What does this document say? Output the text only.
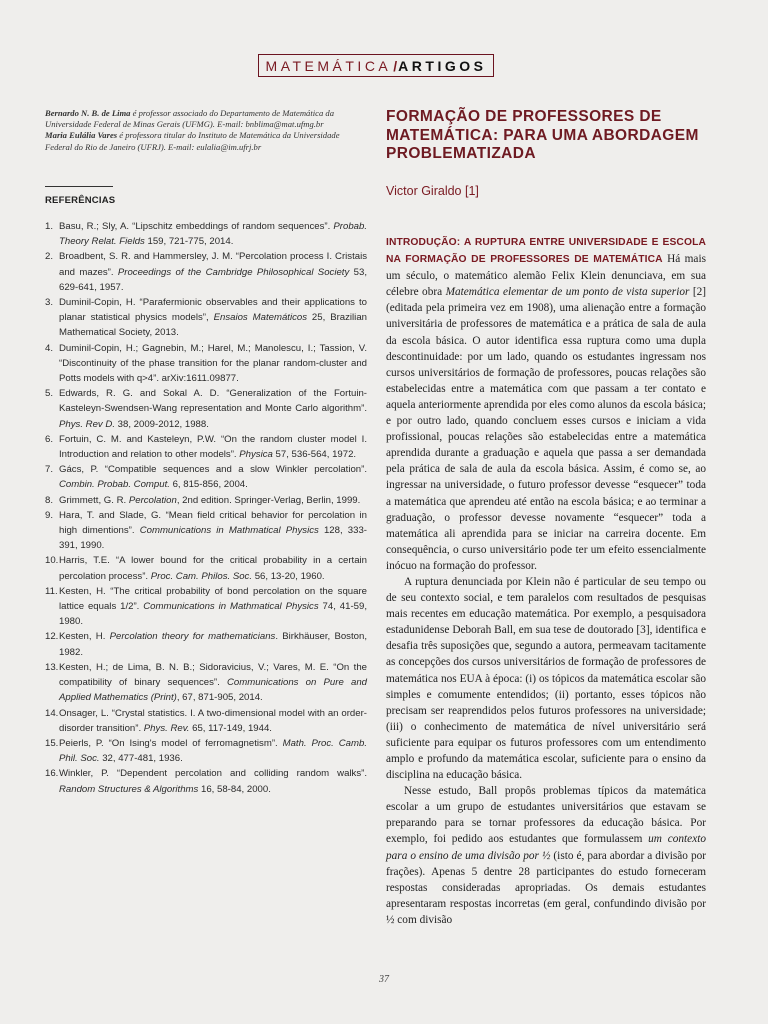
MATEMÁTICA / ARTIGOS

Bernardo N. B. de Lima é professor associado do Departamento de Matemática da Universidade Federal de Minas Gerais (UFMG). E-mail: bnblima@mat.ufmg.br

Maria Eulália Vares é professora titular do Instituto de Matemática da Universidade Federal do Rio de Janeiro (UFRJ). E-mail: eulalia@im.ufrj.br

REFERÊNCIAS
1. Basu, R.; Sly, A. “Lipschitz embeddings of random sequences”. Probab. Theory Relat. Fields 159, 721-775, 2014.
2. Broadbent, S. R. and Hammersley, J. M. “Percolation process I. Cristais and mazes”. Proceedings of the Cambridge Philosophical Society 53, 629-641, 1957.
3. Duminil-Copin, H. “Parafermionic observables and their applications to planar statistical physics models”, Ensaios Matemáticos 25, Brazilian Mathematical Society, 2013.
4. Duminil-Copin, H.; Gagnebin, M.; Harel, M.; Manolescu, I.; Tassion, V. “Discontinuity of the phase transition for the planar random-cluster and Potts models with q>4”. arXiv:1611.09877.
5. Edwards, R. G. and Sokal A. D. “Generalization of the Fortuin-Kasteleyn-Swendsen-Wang representation and Monte Carlo algorithm”. Phys. Rev D. 38, 2009-2012, 1988.
6. Fortuin, C. M. and Kasteleyn, P.W. “On the random cluster model I. Introduction and relation to other models”. Physica 57, 536-564, 1972.
7. Gács, P. “Compatible sequences and a slow Winkler percolation”. Combin. Probab. Comput. 6, 815-856, 2004.
8. Grimmett, G. R. Percolation, 2nd edition. Springer-Verlag, Berlin, 1999.
9. Hara, T. and Slade, G. “Mean field critical behavior for percolation in high dimentions”. Communications in Mathmatical Physics 128, 333-391, 1990.
10. Harris, T.E. “A lower bound for the critical probability in a certain percolation process”. Proc. Cam. Philos. Soc. 56, 13-20, 1960.
11. Kesten, H. “The critical probability of bond percolation on the square lattice equals 1/2”. Communications in Mathmatical Physics 74, 41-59, 1980.
12. Kesten, H. Percolation theory for mathematicians. Birkhäuser, Boston, 1982.
13. Kesten, H.; de Lima, B. N. B.; Sidoravicius, V.; Vares, M. E. “On the compatibility of binary sequences”. Communications on Pure and Applied Mathematics (Print), 67, 871-905, 2014.
14. Onsager, L. “Crystal statistics. I. A two-dimensional model with an order-disorder transition”. Phys. Rev. 65, 117-149, 1944.
15. Peierls, P. “On Ising's model of ferromagnetism”. Math. Proc. Camb. Phil. Soc. 32, 477-481, 1936.
16. Winkler, P. “Dependent percolation and colliding random walks”. Random Structures & Algorithms 16, 58-84, 2000.
FORMAÇÃO DE PROFESSORES DE MATEMÁTICA: PARA UMA ABORDAGEM PROBLEMATIZADA
Victor Giraldo [1]

INTRODUÇÃO: A RUPTURA ENTRE UNIVERSIDADE E ESCOLA NA FORMAÇÃO DE PROFESSORES DE MATEMÁTICA Há mais um século, o matemático alemão Felix Klein denunciava, em sua célebre obra Matemática elementar de um ponto de vista superior [2] (editada pela primeira vez em 1908), uma alienação entre a formação universitária de professores de matemática e a prática de sala de aula da escola básica. O autor identifica essa ruptura como uma dupla descontinuidade: por um lado, quando os estudantes ingressam nos cursos universitários de formação de professores, poucas relações são estabelecidas entre a matemática com que passam a ter contato e aquela anteriormente aprendida por eles como alunos da escola básica; e por outro lado, quando concluem esses cursos e iniciam a vida profissional, poucas relações são estabelecidas entre a matemática aprendida durante a graduação e aquela que passa a ser demandada pela prática de sala de aula da escola básica. Assim, é como se, ao ingressar na universidade, o futuro professor devesse “esquecer” toda a matemática que aprendeu até então na escola básica; e ao terminar a graduação, o professor devesse novamente “esquecer” toda a matemática ali aprendida para se iniciar na carreira docente. Em consequência, o curso universitário pode ter um efeito essencialmente inócuo na formação do professor.

A ruptura denunciada por Klein não é particular de seu tempo ou de seu contexto social, e tem paralelos com resultados de pesquisas mais recentes em educação matemática. Por exemplo, a pesquisadora estadunidense Deborah Ball, em sua tese de doutorado [3], identifica e desafia três suposições que, segundo a autora, permeavam tacitamente as concepções dos cursos universitários de formação de professores de matemática nos EUA à época: (i) os tópicos da matemática escolar são simples e comumente entendidos; (ii) portanto, esses tópicos não precisam ser reaprendidos pelos futuros professores na universidade; (iii) o conhecimento de matemática de nível universitário será suficiente para equipar os futuros professores com um entendimento amplo e profundo da matemática escolar, suficiente para o ensino da disciplina na educação básica.

Nesse estudo, Ball propôs problemas típicos da matemática escolar a um grupo de estudantes universitários que estavam se preparando para se tornar professores da educação básica. Por exemplo, foi pedido aos estudantes que formulassem um contexto para o ensino de uma divisão por ½ (isto é, para abordar a divisão por frações). Apenas 5 dentre 28 participantes do estudo forneceram respostas consideradas apropriadas. Os demais estudantes apresentaram respostas incorretas (em geral, confundindo divisão por ½ com divisão

37
